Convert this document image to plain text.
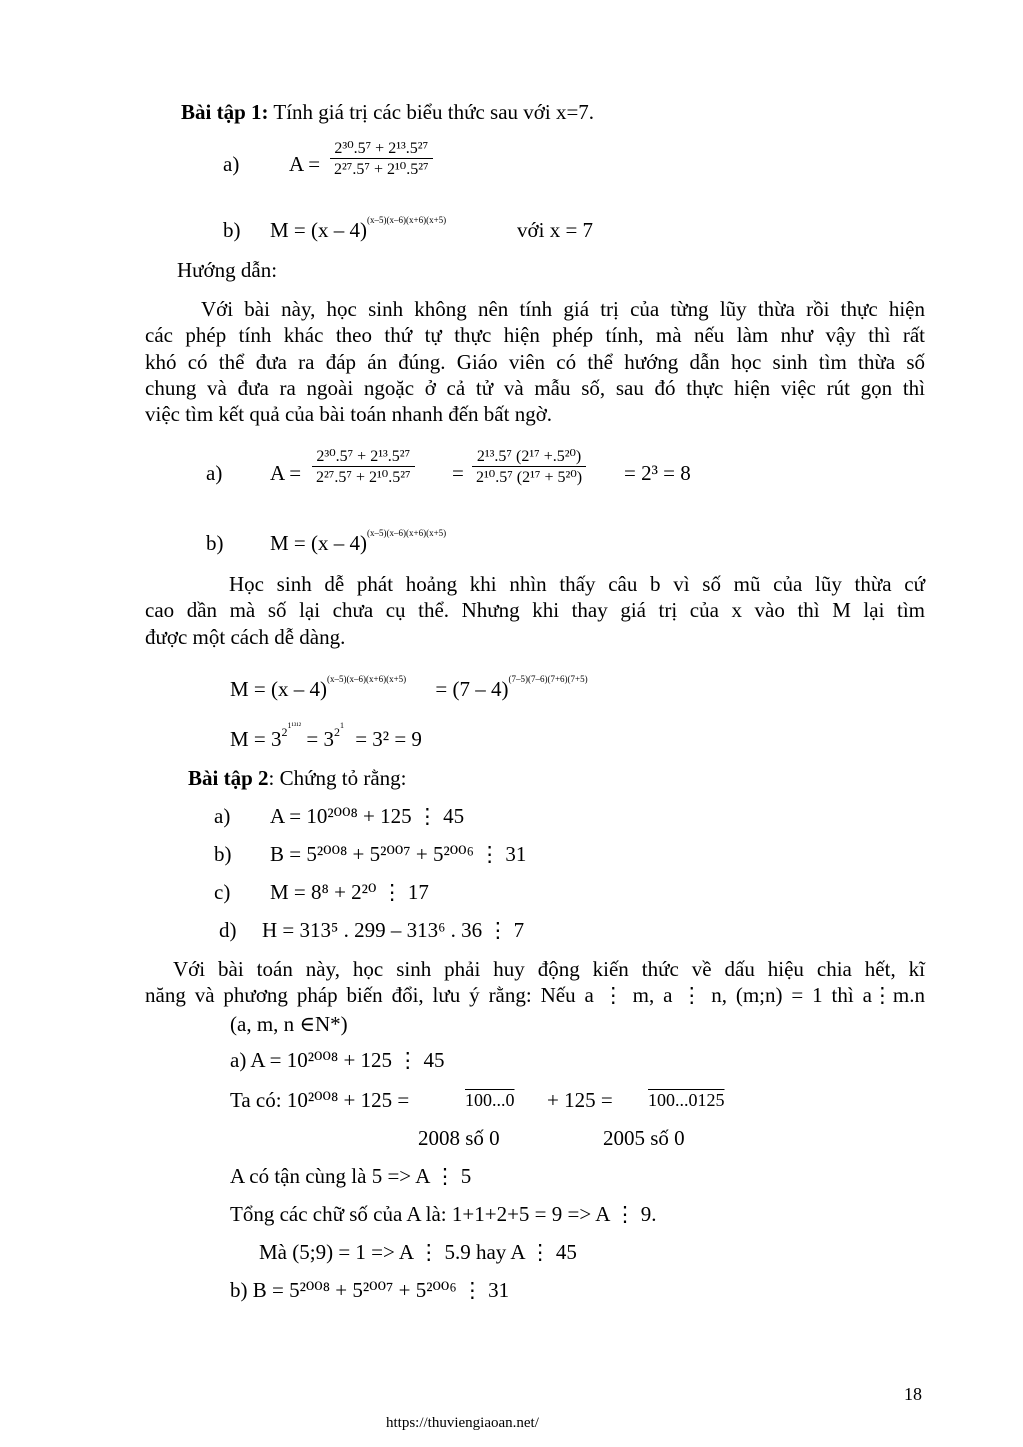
Bài tập 1: Tính giá trị các biểu thức sau với x=7.
a) $A = \frac{\text{2³⁰.5⁷ + 2¹³.5²⁷}}{\text{2²⁷.5⁷ + 2¹⁰.5²⁷}}$
b) M = (x – 4)$^{(x-5)(x-6)(x+6)(x+5)}$	với x = 7
Hướng dẫn:
Với bài này, học sinh không nên tính giá trị của từng lũy thừa rồi thực hiện
các phép tính khác theo thứ tự thực hiện phép tính, mà nếu làm như vậy thì rất
khó có thể đưa ra đáp án đúng. Giáo viên có thể hướng dẫn học sinh tìm thừa số
chung và đưa ra ngoài ngoặc ở cả tử và mẫu số, sau đó thực hiện việc rút gọn thì
việc tìm kết quả của bài toán nhanh đến bất ngờ.
a) $A = \frac{\text{2³⁰.5⁷ + 2¹³.5²⁷}}{\text{2²⁷.5⁷ + 2¹⁰.5²⁷}} = \frac{\text{2¹³.5⁷ (2¹⁷ +.5²⁰)}}{\text{2¹⁰.5⁷ (2¹⁷ + 5²⁰)}} = 2^3 = 8$
b) M = (x – 4)$^{(x-5)(x-6)(x+6)(x+5)}$
Học sinh dễ phát hoảng khi nhìn thấy câu b vì số mũ của lũy thừa cứ
cao dần mà số lại chưa cụ thể. Nhưng khi thay giá trị của x vào thì M lại tìm
được một cách dễ dàng.
M = (x – 4)$^{(x-5)(x-6)(x+6)(x+5)}$ = (7 – 4)$^{(7-5)(7-6)(7+6)(7+5)}$
$M = 3^{21^{1312}} = 3^{21} = 3^2 = 9$
Bài tập 2: Chứng tỏ rằng:
a) A = 10²⁰⁰⁸ + 125 ⋮ 45
b) B = 5²⁰⁰⁸ + 5²⁰⁰⁷ + 5²⁰⁰⁶ ⋮ 31
c) M = 8⁸ + 2²⁰ ⋮ 17
d) H = 313⁵ . 299 – 313⁶ . 36 ⋮ 7
Với bài toán này, học sinh phải huy động kiến thức về dấu hiệu chia hết, kĩ
năng và phương pháp biến đổi, lưu ý rằng: Nếu a ⋮ m, a ⋮ n, (m;n) = 1 thì a⋮m.n
(a, m, n ∈N*)
a) A = 10²⁰⁰⁸ + 125 ⋮ 45
Ta có: 10²⁰⁰⁸ + 125 =	100...0 + 125 = 100...0125
2008 số 0	2005 số 0
A có tận cùng là 5 => A ⋮ 5
Tổng các chữ số của A là: 1+1+2+5 = 9 => A ⋮ 9.
Mà (5;9) = 1 => A ⋮ 5.9 hay A ⋮ 45
b) B = 5²⁰⁰⁸ + 5²⁰⁰⁷ + 5²⁰⁰⁶ ⋮ 31
18
https://thuviengiaoan.net/
